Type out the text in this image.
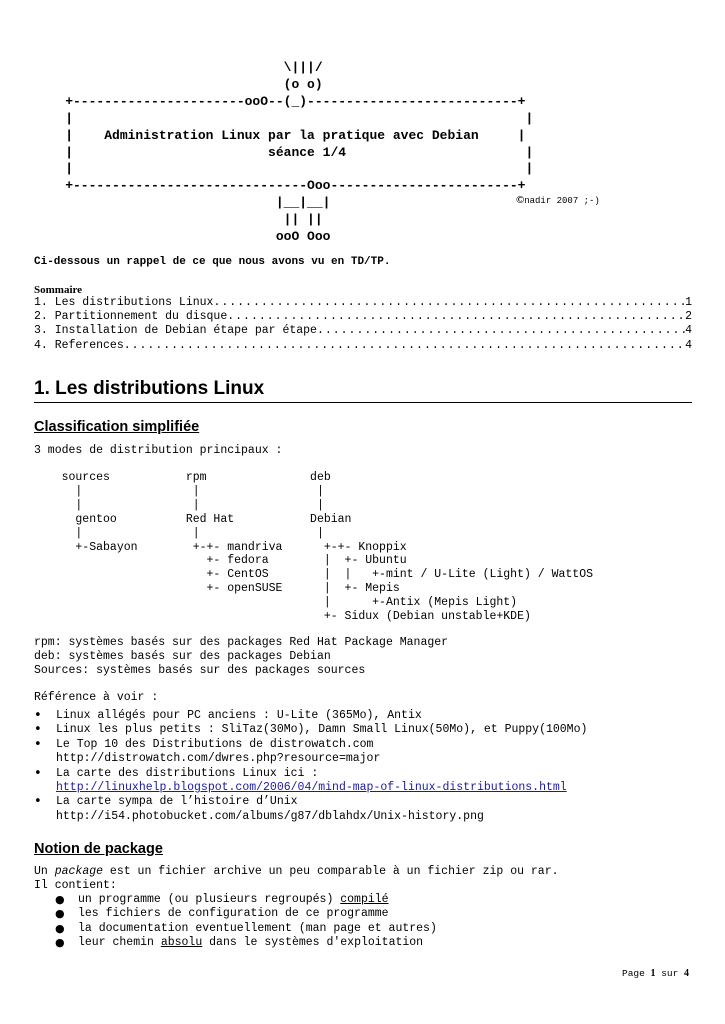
\|||/
(o o)
+----------------------ooO--(_)---------------------------+
|                                                          |
|    Administration Linux par la pratique avec Debian     |
|                         séance 1/4                       |
|                                                          |
+------------------------------Ooo------------------------+
|__|__|
|| ||
ooO Ooo
©nadir 2007 ;-)
Ci-dessous un rappel de ce que nous avons vu en TD/TP.
Sommaire
1. Les distributions Linux .....	1
2. Partitionnement du disque .....	2
3. Installation de Debian étape par étape .....	4
4. References .....	4
1. Les distributions Linux
Classification simplifiée
3 modes de distribution principaux :
sources           rpm               deb
|                |                 |
|                |                 |
gentoo          Red Hat           Debian
|                |                 |
+-Sabayon        +-+- mandriva      +-+- Knoppix
+- fedora        |  +- Ubuntu
+- CentOS        |  |   +-mint / U-Lite (Light) / WattOS
+- openSUSE      |  +- Mepis
|      +-Antix (Mepis Light)
+- Sidux (Debian unstable+KDE)
rpm: systèmes basés sur des packages Red Hat Package Manager
deb: systèmes basés sur des packages Debian
Sources: systèmes basés sur des packages sources
Référence à voir :
• Linux allégés pour PC anciens : U-Lite (365Mo), Antix
• Linux les plus petits : SliTaz(30Mo), Damn Small Linux(50Mo), et Puppy(100Mo)
• Le Top 10 des Distributions de distrowatch.com
http://distrowatch.com/dwres.php?resource=major
• La carte des distributions Linux ici :
http://linuxhelp.blogspot.com/2006/04/mind-map-of-linux-distributions.html
• La carte sympa de l’histoire d’Unix
http://i54.photobucket.com/albums/g87/dblahdx/Unix-history.png
Notion de package
Un package est un fichier archive un peu comparable à un fichier zip ou rar.
Il contient:
● un programme (ou plusieurs regroupés) compilé
● les fichiers de configuration de ce programme
● la documentation eventuellement (man page et autres)
● leur chemin absolu dans le systèmes d'exploitation
Page 1 sur 4
